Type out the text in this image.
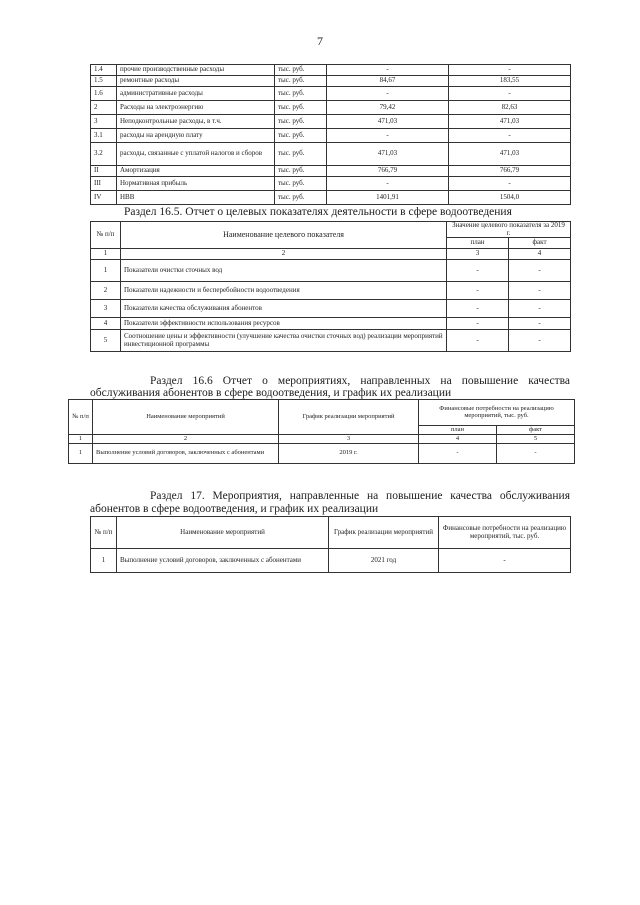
7
1.4	прочие производственные расходы	тыс. руб.	-	-
1.5	ремонтные расходы	тыс. руб.	84,67	183,55
1.6	административные расходы	тыс. руб.	-	-
2	Расходы на электроэнергию	тыс. руб.	79,42	82,63
3	Неподконтрольные расходы, в т.ч.	тыс. руб.	471,03	471,03
3.1	расходы на арендную плату	тыс. руб.	-	-
3.2	расходы, связанные с уплатой налогов и сборов	тыс. руб.	471,03	471,03
II	Амортизация	тыс. руб.	766,79	766,79
III	Нормативная прибыль	тыс. руб.	-	-
IV	НВВ	тыс. руб.	1401,91	1504,0
Раздел 16.5. Отчет о целевых показателях деятельности в сфере водоотведения
№ п/п	Наименование целевого показателя	Значение целевого показателя за 2019 г.	
		план	факт
1	2	3	4
1	Показатели очистки сточных вод	-	-
2	Показатели надежности и бесперебойности водоотведения	-	-
3	Показатели качества обслуживания абонентов	-	-
4	Показатели эффективности использования ресурсов	-	-
5	Соотношение цены и эффективности (улучшение качества очистки сточных вод) реализации мероприятий инвестиционной программы	-	-
Раздел 16.6 Отчет о мероприятиях, направленных на повышение качества
обслуживания абонентов в сфере водоотведения, и график их реализации
№ п/п	Наименование мероприятий	График реализации мероприятий	Финансовые потребности на реализацию мероприятий, тыс. руб.	
			план	факт
1	2	3	4	5
1	Выполнение условий договоров, заключенных с абонентами	2019 г.	-	-
Раздел 17. Мероприятия, направленные на повышение качества обслуживания
абонентов в сфере водоотведения, и график их реализации
№ п/п	Наименование мероприятий	График реализации мероприятий	Финансовые потребности на реализацию мероприятий, тыс. руб.
1	Выполнение условий договоров, заключенных с абонентами	2021 год	-
